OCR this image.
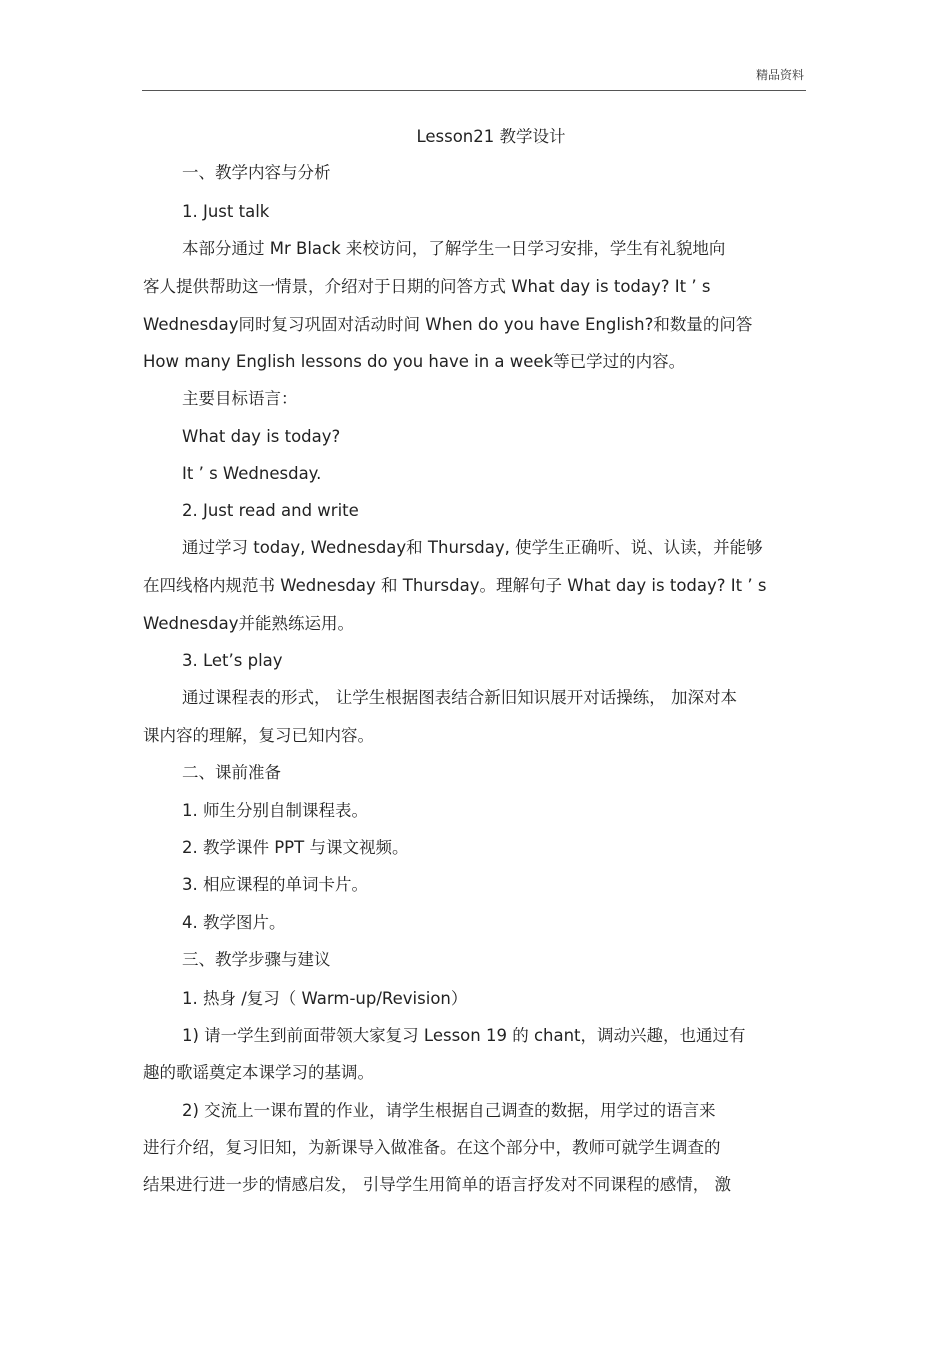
精品资料
Lesson21 教学设计
一、教学内容与分析
1. Just talk
本部分通过 Mr Black 来校访问，了解学生一日学习安排，学生有礼貌地向
客人提供帮助这一情景，介绍对于日期的问答方式 What day is today? It ’ s
Wednesday同时复习巩固对活动时间 When do you have English?和数量的问答
How many English lessons do you have in a week等已学过的内容。
主要目标语言：
What day is today?
It ’ s Wednesday.
2. Just read and write
通过学习 today, Wednesday和 Thursday, 使学生正确听、说、认读，并能够
在四线格内规范书 Wednesday 和 Thursday。理解句子 What day is today? It ’ s
Wednesday并能熟练运用。
3. Let’s play
通过课程表的形式， 让学生根据图表结合新旧知识展开对话操练， 加深对本
课内容的理解，复习已知内容。
二、课前准备
1. 师生分别自制课程表。
2. 教学课件 PPT 与课文视频。
3. 相应课程的单词卡片。
4. 教学图片。
三、教学步骤与建议
1. 热身 /复习（ Warm-up/Revision）
1) 请一学生到前面带领大家复习 Lesson 19 的 chant，调动兴趣，也通过有
趣的歌谣奠定本课学习的基调。
2) 交流上一课布置的作业，请学生根据自己调查的数据，用学过的语言来
进行介绍，复习旧知，为新课导入做准备。在这个部分中，教师可就学生调查的
结果进行进一步的情感启发， 引导学生用简单的语言抒发对不同课程的感情， 激
